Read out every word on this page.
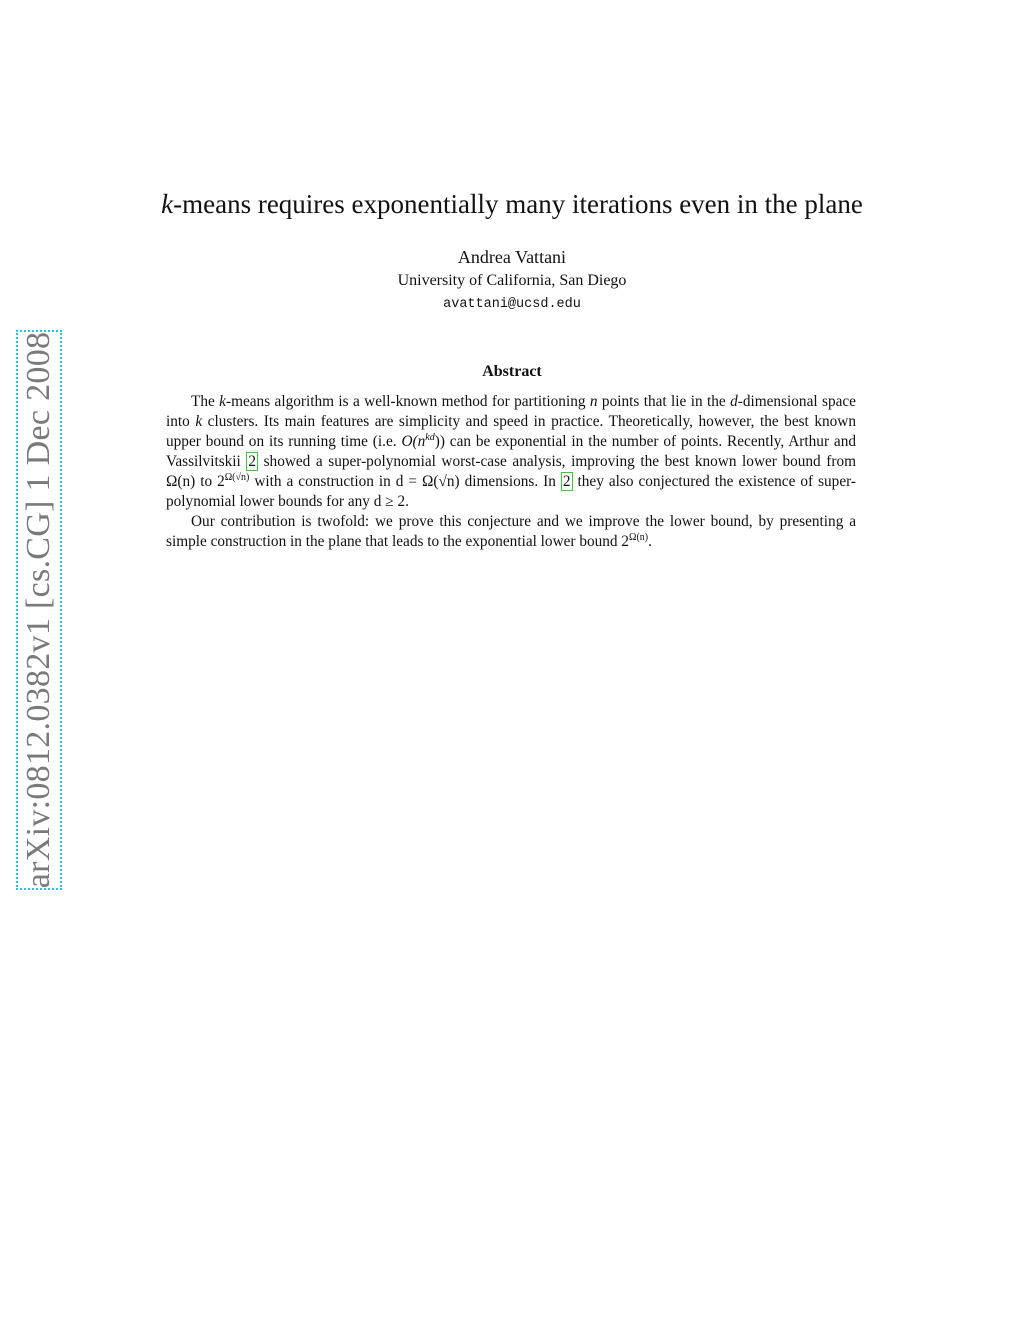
arXiv:0812.0382v1 [cs.CG] 1 Dec 2008
k-means requires exponentially many iterations even in the plane
Andrea Vattani
University of California, San Diego
avattani@ucsd.edu
Abstract

The k-means algorithm is a well-known method for partitioning n points that lie in the d-dimensional space into k clusters. Its main features are simplicity and speed in practice. Theoretically, however, the best known upper bound on its running time (i.e. $O(n^{kd})$) can be exponential in the number of points. Recently, Arthur and Vassilvitskii 2 showed a super-polynomial worst-case analysis, improving the best known lower bound from Ω(n) to $2^{\Omega(√n)}$ with a construction in d = Ω(√n) dimensions. In 2 they also conjectured the existence of super-polynomial lower bounds for any d ≥ 2.

Our contribution is twofold: we prove this conjecture and we improve the lower bound, by presenting a simple construction in the plane that leads to the exponential lower bound $2^{\Omega(n)}$.
